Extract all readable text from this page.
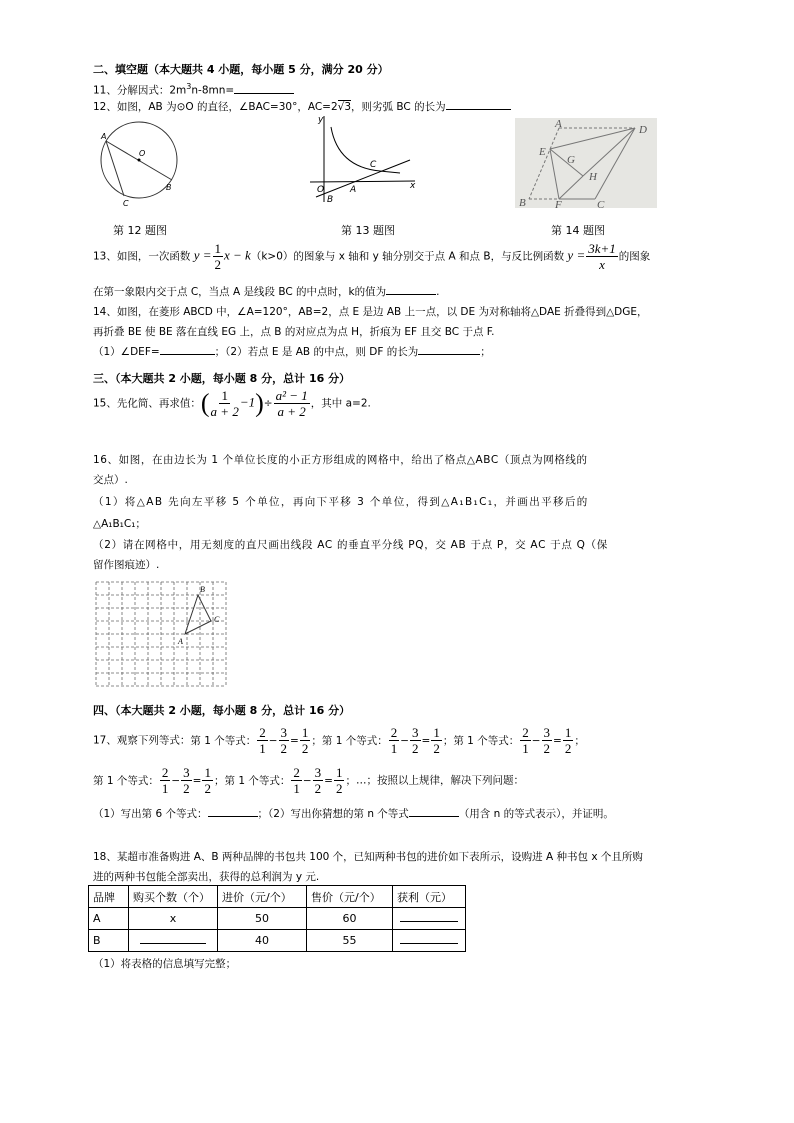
二、填空题（本大题共 4 小题，每小题 5 分，满分 20 分）
11、分解因式：$2m^3n-8mn=$
12、如图，AB 为⊙O 的直径，∠BAC=30°，AC=2√3，则劣弧 BC 的长为
A
O
B
C
y
x
O	A
B
C
A	D
E
G
H
B	F	C
第 12 题图	第 13 题图	第 14 题图
13、如图，一次函数 $y = \frac{1}{2}$ x − k（k>0）的图象与 x 轴和 y 轴分别交于点 A 和点 B，与反比例函数 $y = \frac{3k+1}{x}$ 的图象
在第一象限内交于点 C，当点 A 是线段 BC 的中点时，k的值为	.
14、如图，在菱形 ABCD 中，∠A=120°，AB=2，点 E 是边 AB 上一点，以 DE 为对称轴将△DAE 折叠得到△DGE，
再折叠 BE 使 BE 落在直线 EG 上，点 B 的对应点为点 H，折痕为 EF 且交 BC 于点 F.
（1）∠DEF=	；（2）若点 E 是 AB 的中点，则 DF 的长为	；
三、（本大题共 2 小题，每小题 8 分，总计 16 分）
15、先化简、再求值：( $\frac{1}{a + 2} -1)\div \frac{\text{a² − 1}}{a + 2}$ ，其中 a=2.
16、如图，在由边长为 1 个单位长度的小正方形组成的网格中，给出了格点△ABC（顶点为网格线的
交点）.
（1）将△AB 先向左平移 5 个单位，再向下平移 3 个单位，得到△A₁B₁C₁，并画出平移后的
△A₁B₁C₁；
（2）请在网格中，用无刻度的直尺画出线段 AC 的垂直平分线 PQ，交 AB 于点 P，交 AC 于点 Q（保
留作图痕迹）.
A
B
C
四、（本大题共 2 小题，每小题 8 分，总计 16 分）
17、观察下列等式：第 1 个等式： $\frac{2}{1} - \frac{3}{2} = \frac{1}{2}$ ；第 1 个等式： $\frac{2}{1} - \frac{3}{2} = \frac{1}{2}$ ；第 1 个等式： $\frac{2}{1} - \frac{3}{2} = \frac{1}{2}$ ；
第 1 个等式： $\frac{2}{1} - \frac{3}{2} = \frac{1}{2}$ ；第 1 个等式： $\frac{2}{1} - \frac{3}{2} = \frac{1}{2}$ ；…；按照以上规律，解决下列问题：
（1）写出第 6 个等式：	；（2）写出你猜想的第 n 个等式	（用含 n 的等式表示），并证明。
18、某超市准备购进 A、B 两种品牌的书包共 100 个，已知两种书包的进价如下表所示，设购进 A 种书包 x 个且所购
进的两种书包能全部卖出，获得的总利润为 y 元.
品牌	购买个数（个）	进价（元/个）	售价（元/个）	获利（元）
A	x	50	60	
B		40	55	
（1）将表格的信息填写完整；
